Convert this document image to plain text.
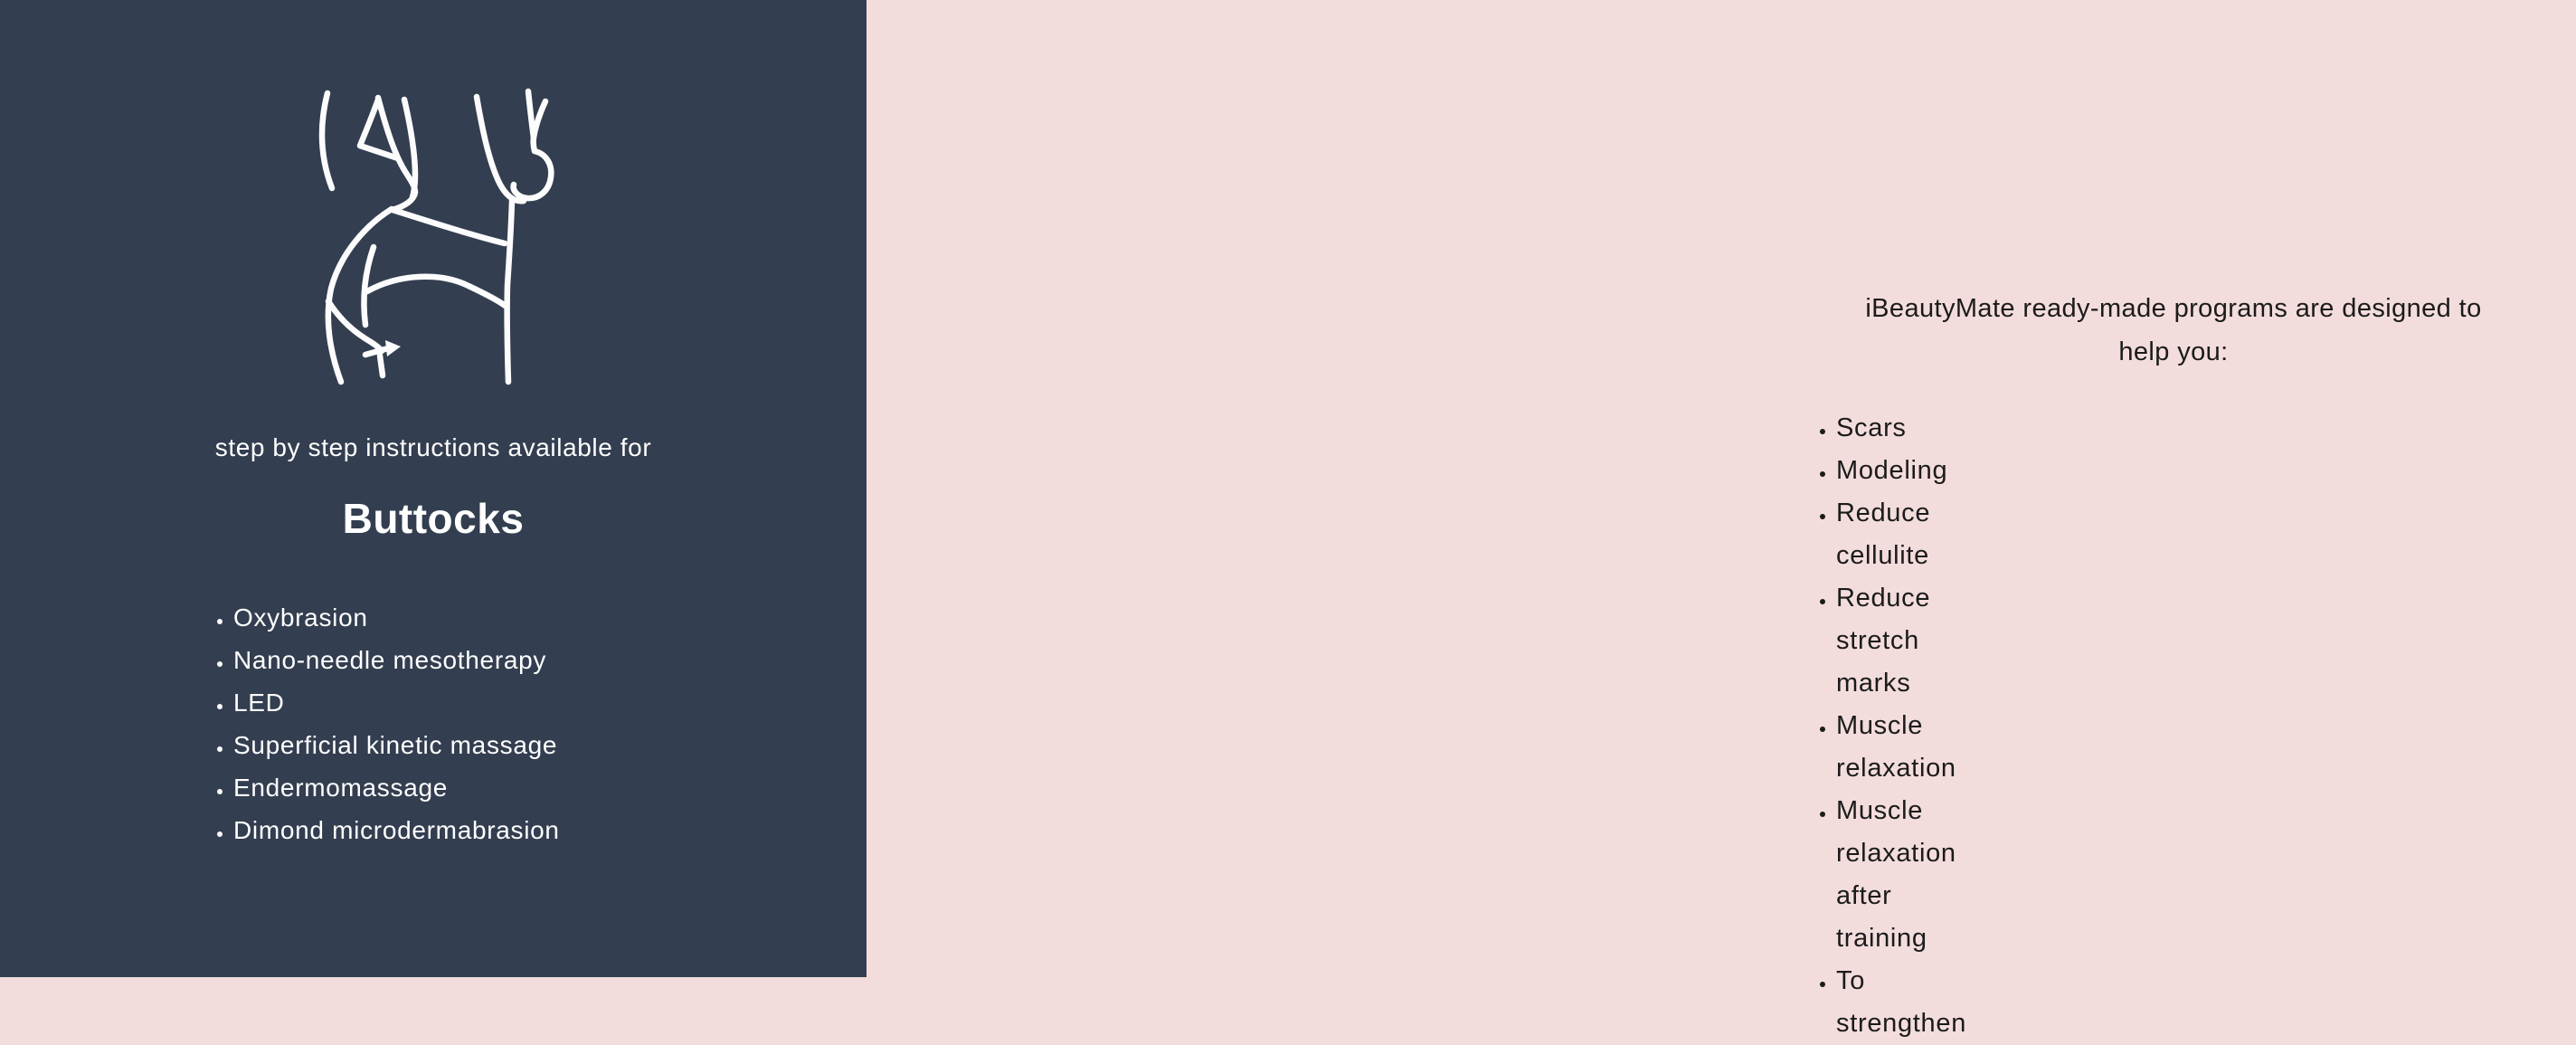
step by step instructions available for
Buttocks
• Oxybrasion
• Nano-needle mesotherapy
• LED
• Superficial kinetic massage
• Endermomassage
• Dimond microdermabrasion
iBeautyMate ready-made programs are designed to
help you:
• Scars
• Modeling
• Reduce cellulite
• Reduce stretch marks
• Muscle relaxation
• Muscle relaxation after training
• To strengthen
